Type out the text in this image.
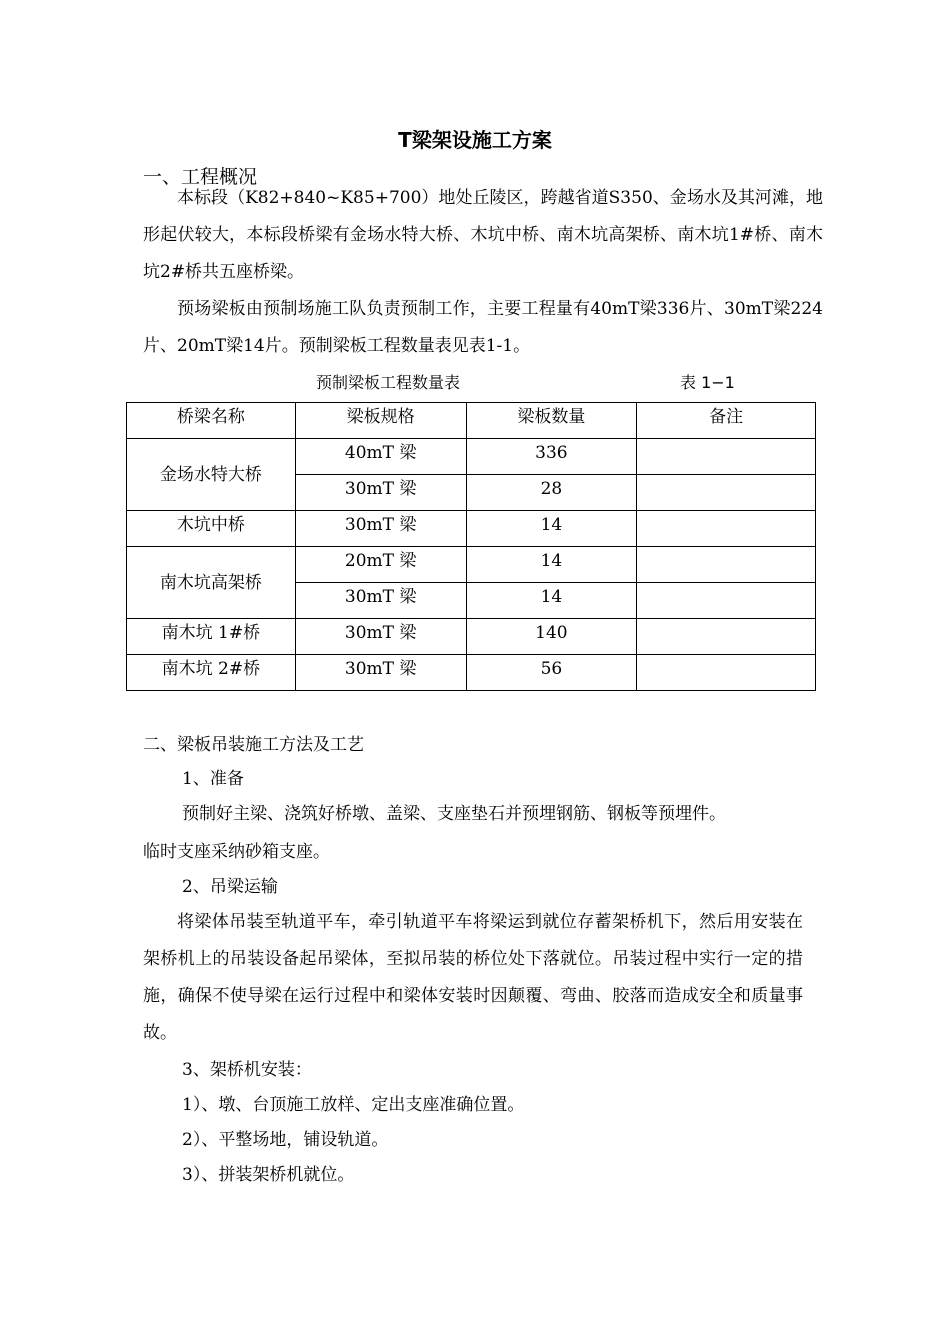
T梁架设施工方案
一、工程概况
本标段（K82+840~K85+700）地处丘陵区，跨越省道S350、金场水及其河滩，地形起伏较大，本标段桥梁有金场水特大桥、木坑中桥、南木坑高架桥、南木坑1#桥、南木坑2#桥共五座桥梁。
预场梁板由预制场施工队负责预制工作，主要工程量有40mT梁336片、30mT梁224片、20mT梁14片。预制梁板工程数量表见表1-1。
预制梁板工程数量表	表 1−1
桥梁名称	梁板规格	梁板数量	备注
金场水特大桥	40mT 梁	336	
	30mT 梁	28	
木坑中桥	30mT 梁	14	
南木坑高架桥	20mT 梁	14	
	30mT 梁	14	
南木坑 1#桥	30mT 梁	140	
南木坑 2#桥	30mT 梁	56	
二、梁板吊装施工方法及工艺
1、准备
预制好主梁、浇筑好桥墩、盖梁、支座垫石并预埋钢筋、钢板等预埋件。
临时支座采纳砂箱支座。
2、吊梁运输
将梁体吊装至轨道平车，牵引轨道平车将梁运到就位存蓄架桥机下，然后用安装在架桥机上的吊装设备起吊梁体，至拟吊装的桥位处下落就位。吊装过程中实行一定的措施，确保不使导梁在运行过程中和梁体安装时因颠覆、弯曲、胶落而造成安全和质量事故。
3、架桥机安装：
1）、墩、台顶施工放样、定出支座准确位置。
2）、平整场地，铺设轨道。
3）、拼装架桥机就位。
